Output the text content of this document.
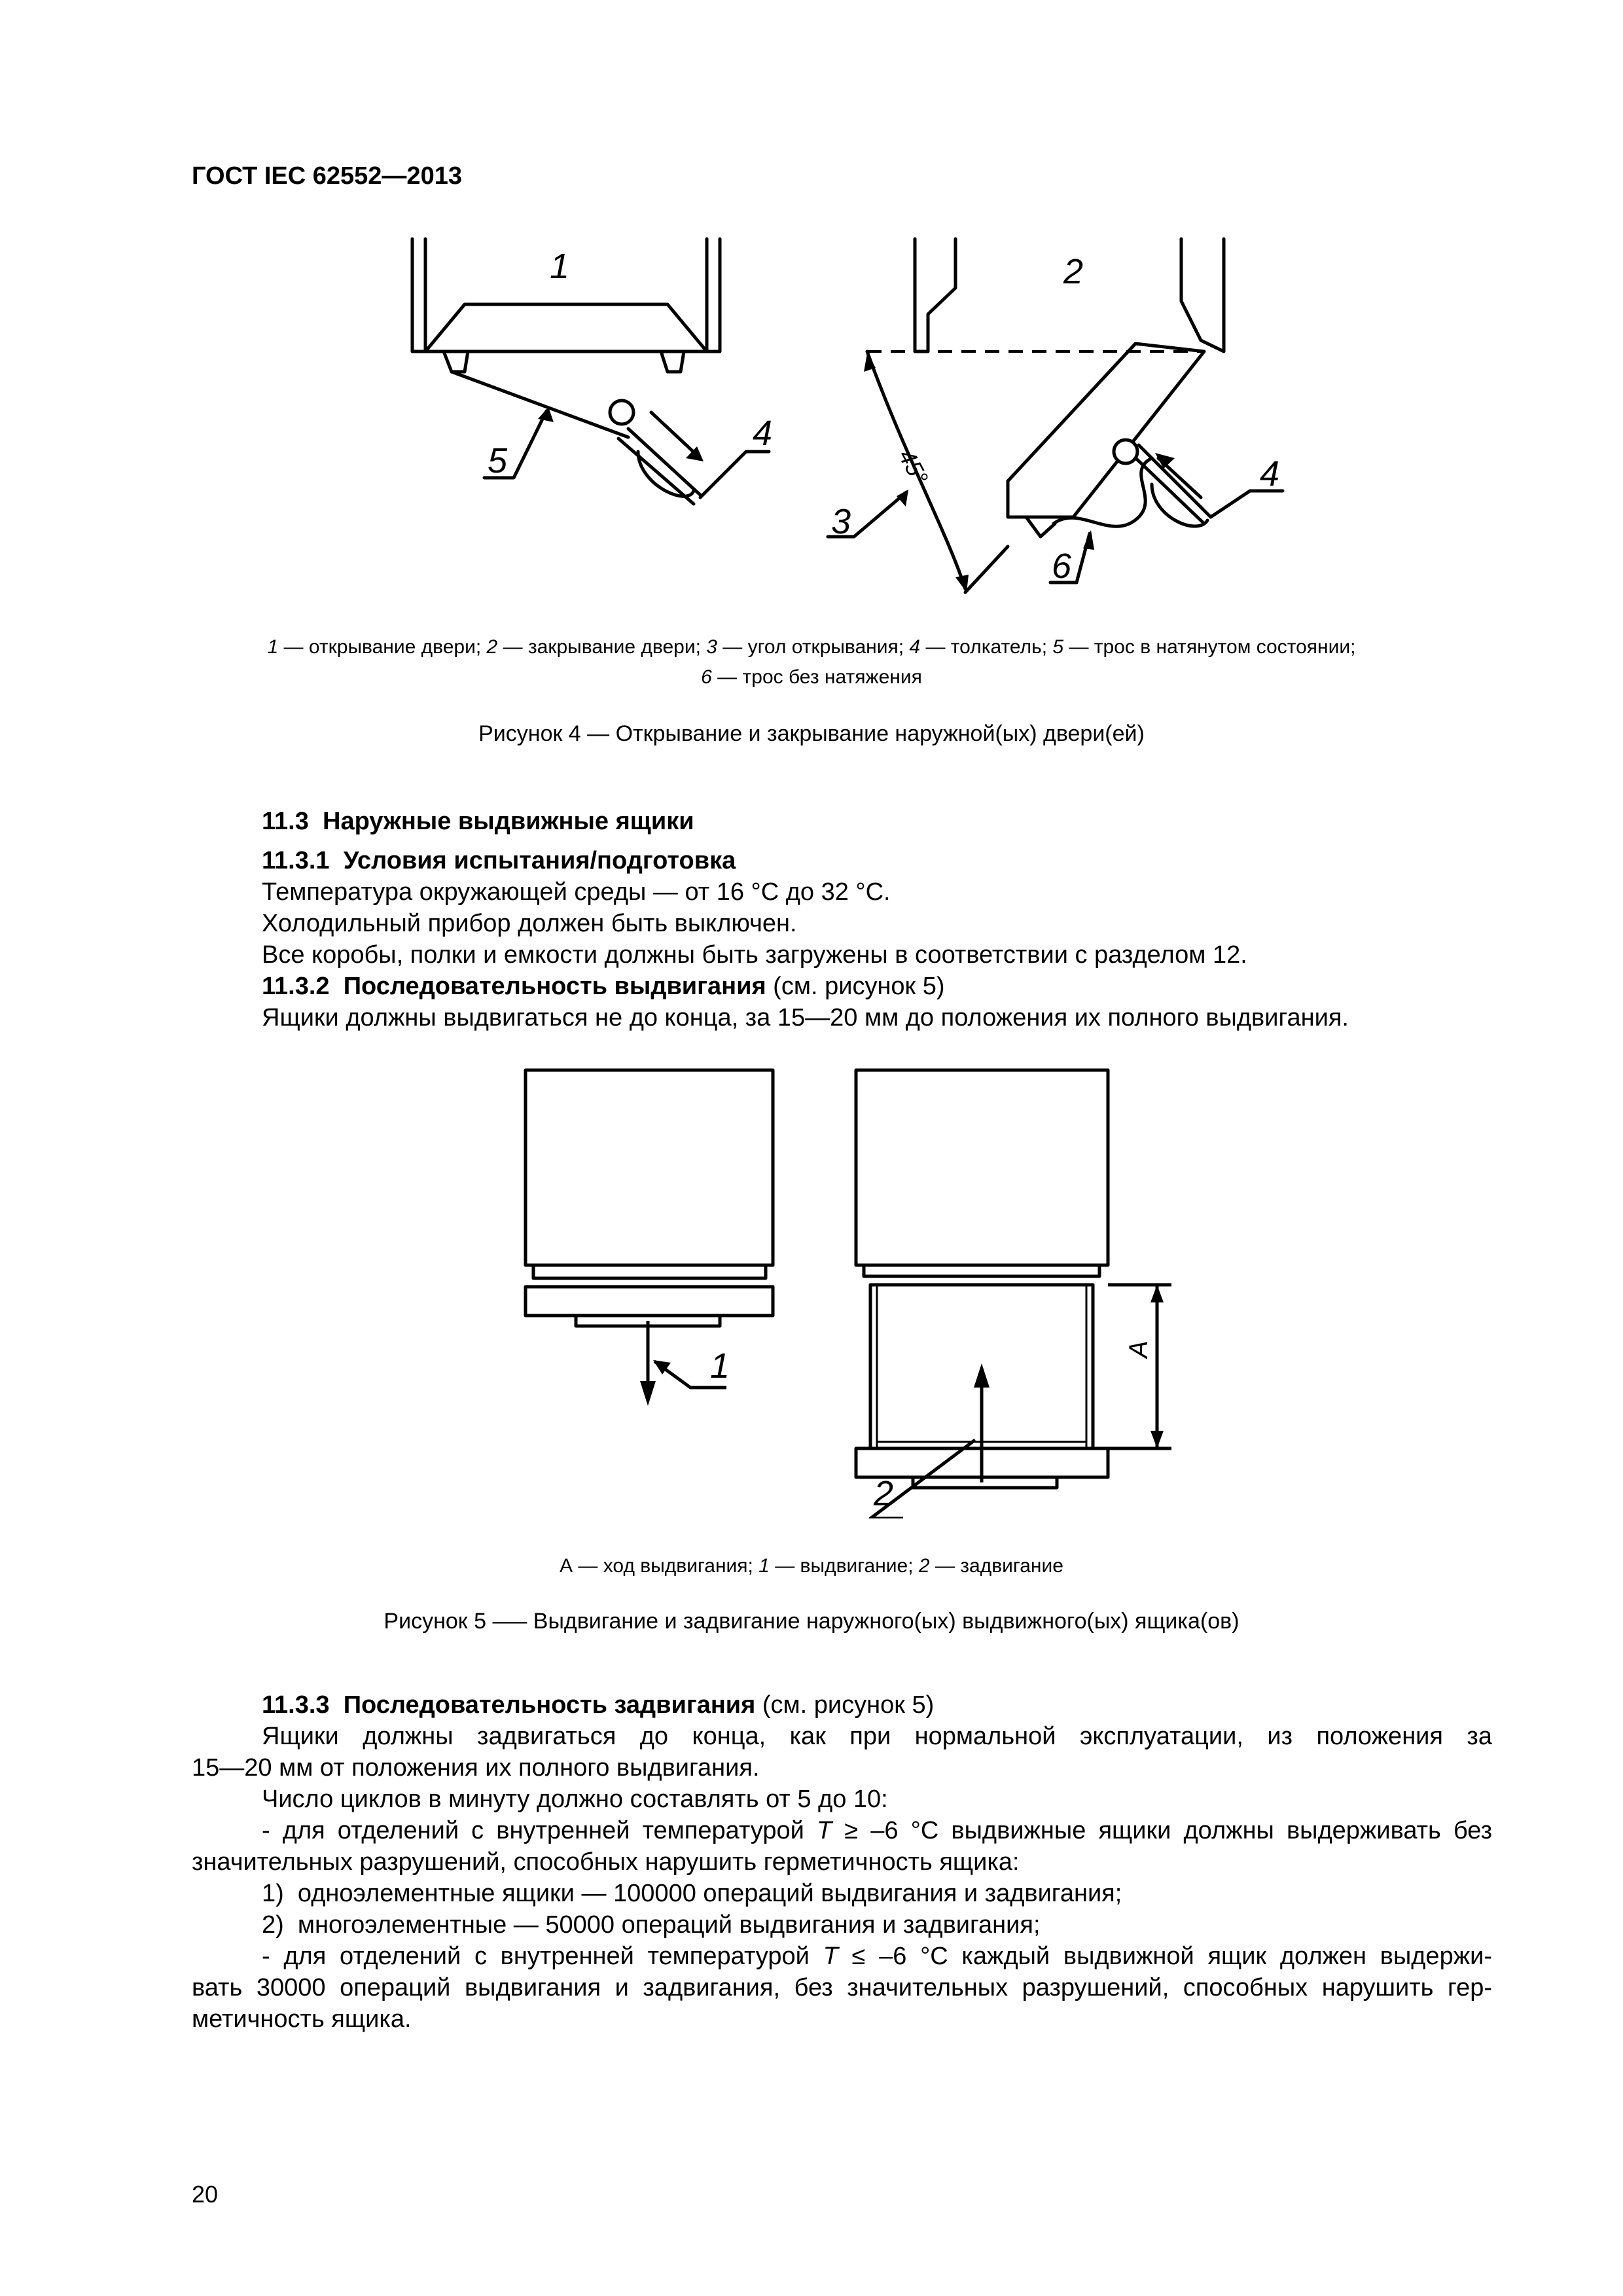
ГОСТ IEC 62552—2013
1	2
5
4
3
6
4
45°
1 — открывание двери; 2 — закрывание двери; 3 — угол открывания; 4 — толкатель; 5 — трос в натянутом состоянии;
6 — трос без натяжения
Рисунок 4 — Открывание и закрывание наружной(ых) двери(ей)
11.3 Наружные выдвижные ящики
11.3.1 Условия испытания/подготовка
Температура окружающей среды — от 16 °C до 32 °C.
Холодильный прибор должен быть выключен.
Все коробы, полки и емкости должны быть загружены в соответствии с разделом 12.
11.3.2 Последовательность выдвигания (см. рисунок 5)
Ящики должны выдвигаться не до конца, за 15—20 мм до положения их полного выдвигания.
1
2
A
А — ход выдвигания; 1 — выдвигание; 2 — задвигание
Рисунок 5 —– Выдвигание и задвигание наружного(ых) выдвижного(ых) ящика(ов)
11.3.3 Последовательность задвигания (см. рисунок 5)
Ящики должны задвигаться до конца, как при нормальной эксплуатации, из положения за
15—20 мм от положения их полного выдвигания.
Число циклов в минуту должно составлять от 5 до 10:
- для отделений с внутренней температурой T ≥ –6 °C выдвижные ящики должны выдерживать без
значительных разрушений, способных нарушить герметичность ящика:
1)  одноэлементные ящики — 100000 операций выдвигания и задвигания;
2)  многоэлементные — 50000 операций выдвигания и задвигания;
- для отделений с внутренней температурой T ≤ –6 °C каждый выдвижной ящик должен выдержи-
вать 30000 операций выдвигания и задвигания, без значительных разрушений, способных нарушить гер-
метичность ящика.
20
